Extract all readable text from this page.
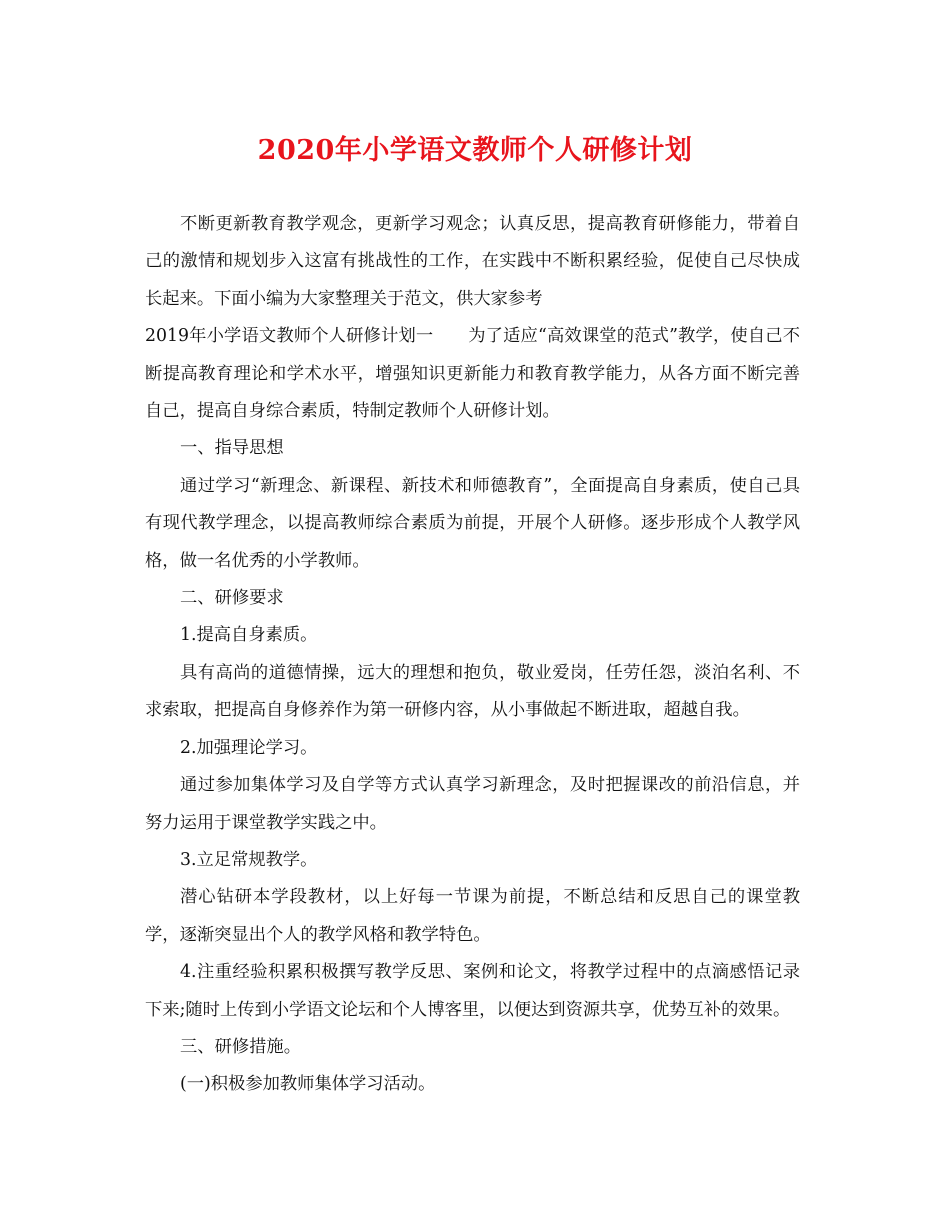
2020年小学语文教师个人研修计划

不断更新教育教学观念，更新学习观念；认真反思，提高教育研修能力，带着自己的激情和规划步入这富有挑战性的工作，在实践中不断积累经验，促使自己尽快成长起来。下面小编为大家整理关于范文，供大家参考

2019年小学语文教师个人研修计划一　　为了适应“高效课堂的范式”教学，使自己不断提高教育理论和学术水平，增强知识更新能力和教育教学能力，从各方面不断完善自己，提高自身综合素质，特制定教师个人研修计划。

一、指导思想

通过学习“新理念、新课程、新技术和师德教育”，全面提高自身素质，使自己具有现代教学理念，以提高教师综合素质为前提，开展个人研修。逐步形成个人教学风格，做一名优秀的小学教师。

二、研修要求

1.提高自身素质。

具有高尚的道德情操，远大的理想和抱负，敬业爱岗，任劳任怨，淡泊名利、不求索取，把提高自身修养作为第一研修内容，从小事做起不断进取，超越自我。

2.加强理论学习。

通过参加集体学习及自学等方式认真学习新理念，及时把握课改的前沿信息，并努力运用于课堂教学实践之中。

3.立足常规教学。

潜心钻研本学段教材，以上好每一节课为前提，不断总结和反思自己的课堂教学，逐渐突显出个人的教学风格和教学特色。

4.注重经验积累积极撰写教学反思、案例和论文，将教学过程中的点滴感悟记录下来;随时上传到小学语文论坛和个人博客里，以便达到资源共享，优势互补的效果。

三、研修措施。

(一)积极参加教师集体学习活动。
